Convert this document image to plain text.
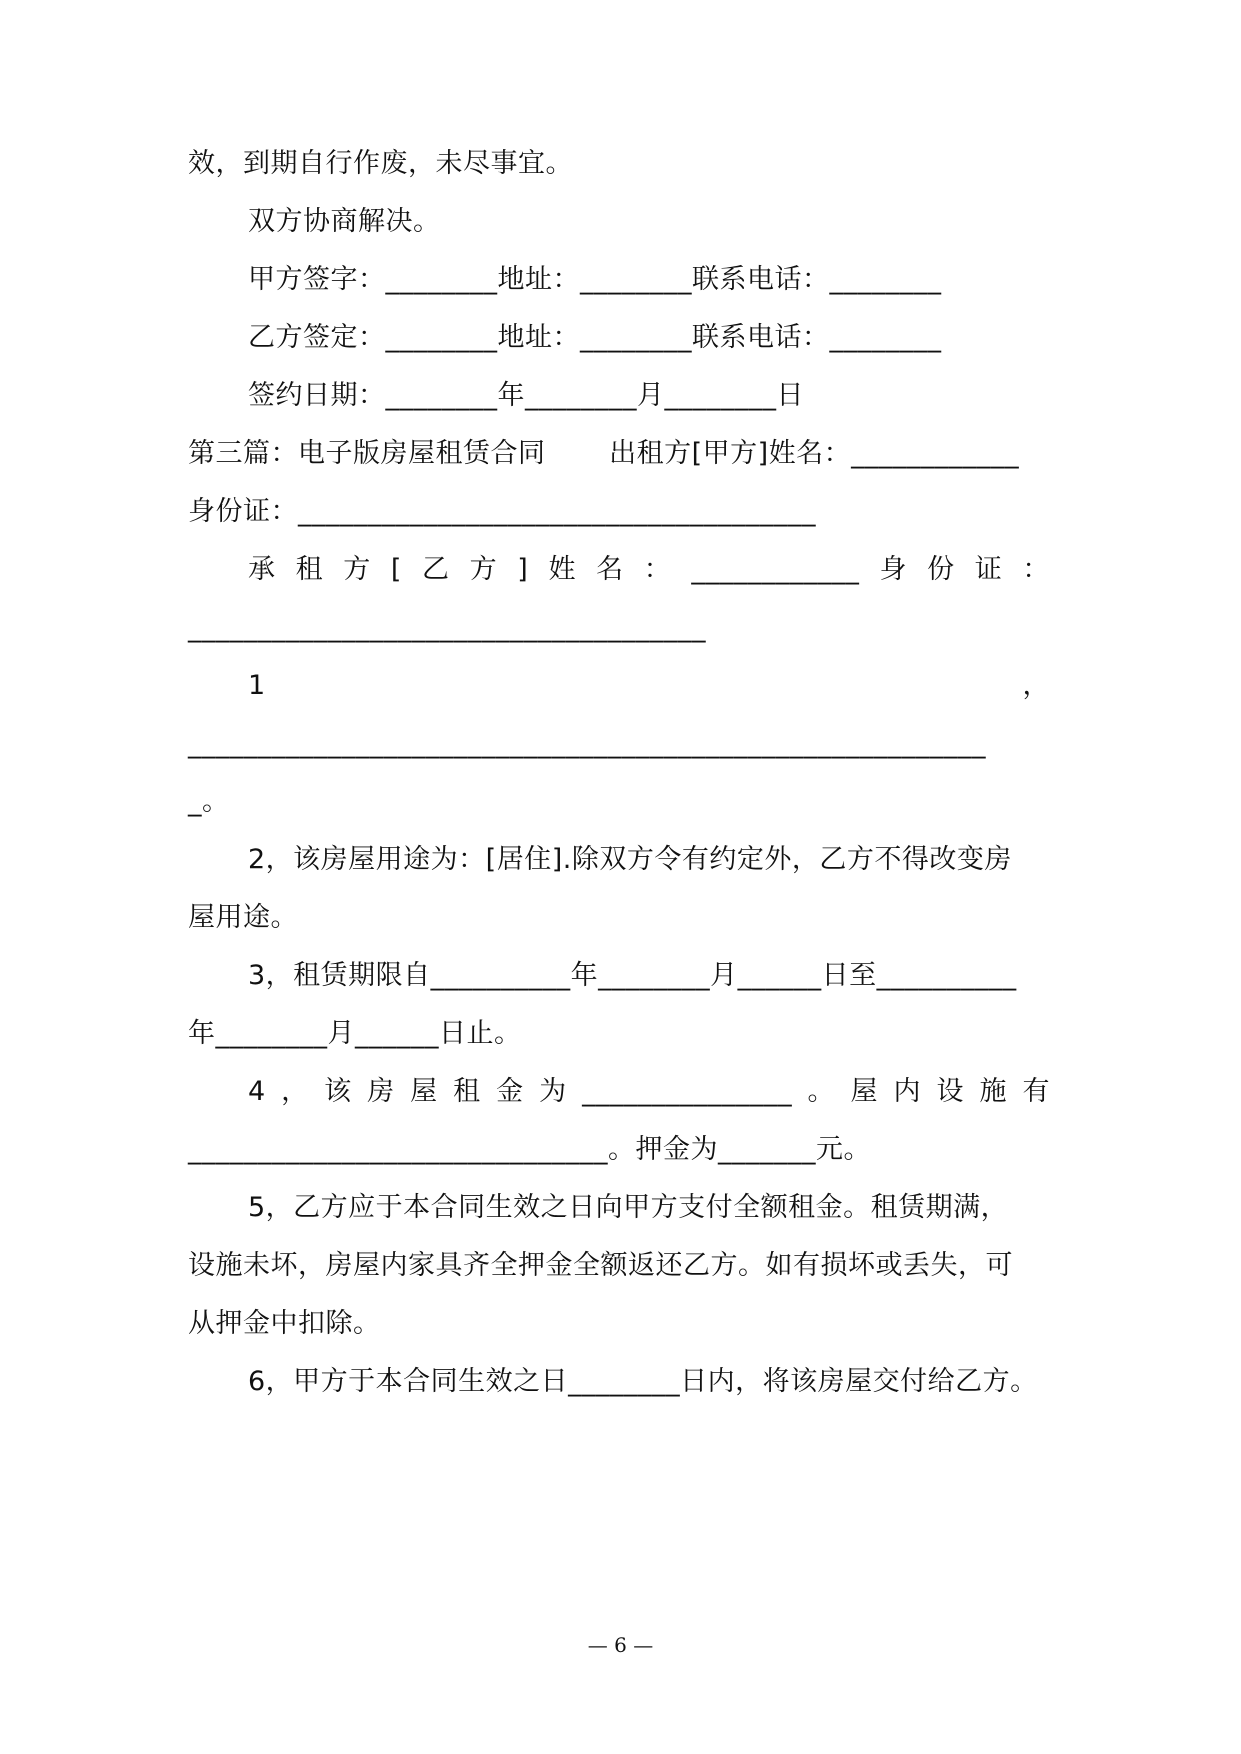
效，到期自行作废，未尽事宜。
双方协商解决。
甲方签字：________地址：________联系电话：________
乙方签定：________地址：________联系电话：________
签约日期：________年________月________日
第三篇：电子版房屋租赁合同       出租方[甲方]姓名：____________
身份证：_____________________________________
承 租 方 [ 乙 方 ] 姓 名 ： ____________ 身 份 证 ：
_____________________________________
1	，
_________________________________________________________
_。
2，该房屋用途为：[居住].除双方令有约定外，乙方不得改变房
屋用途。
3，租赁期限自__________年________月______日至__________
年________月______日止。
4 ， 该 房 屋 租 金 为 _______________ 。 屋 内 设 施 有
______________________________。押金为_______元。
5，乙方应于本合同生效之日向甲方支付全额租金。租赁期满，
设施未坏，房屋内家具齐全押金全额返还乙方。如有损坏或丢失，可
从押金中扣除。
6，甲方于本合同生效之日________日内，将该房屋交付给乙方。
— 6 —
